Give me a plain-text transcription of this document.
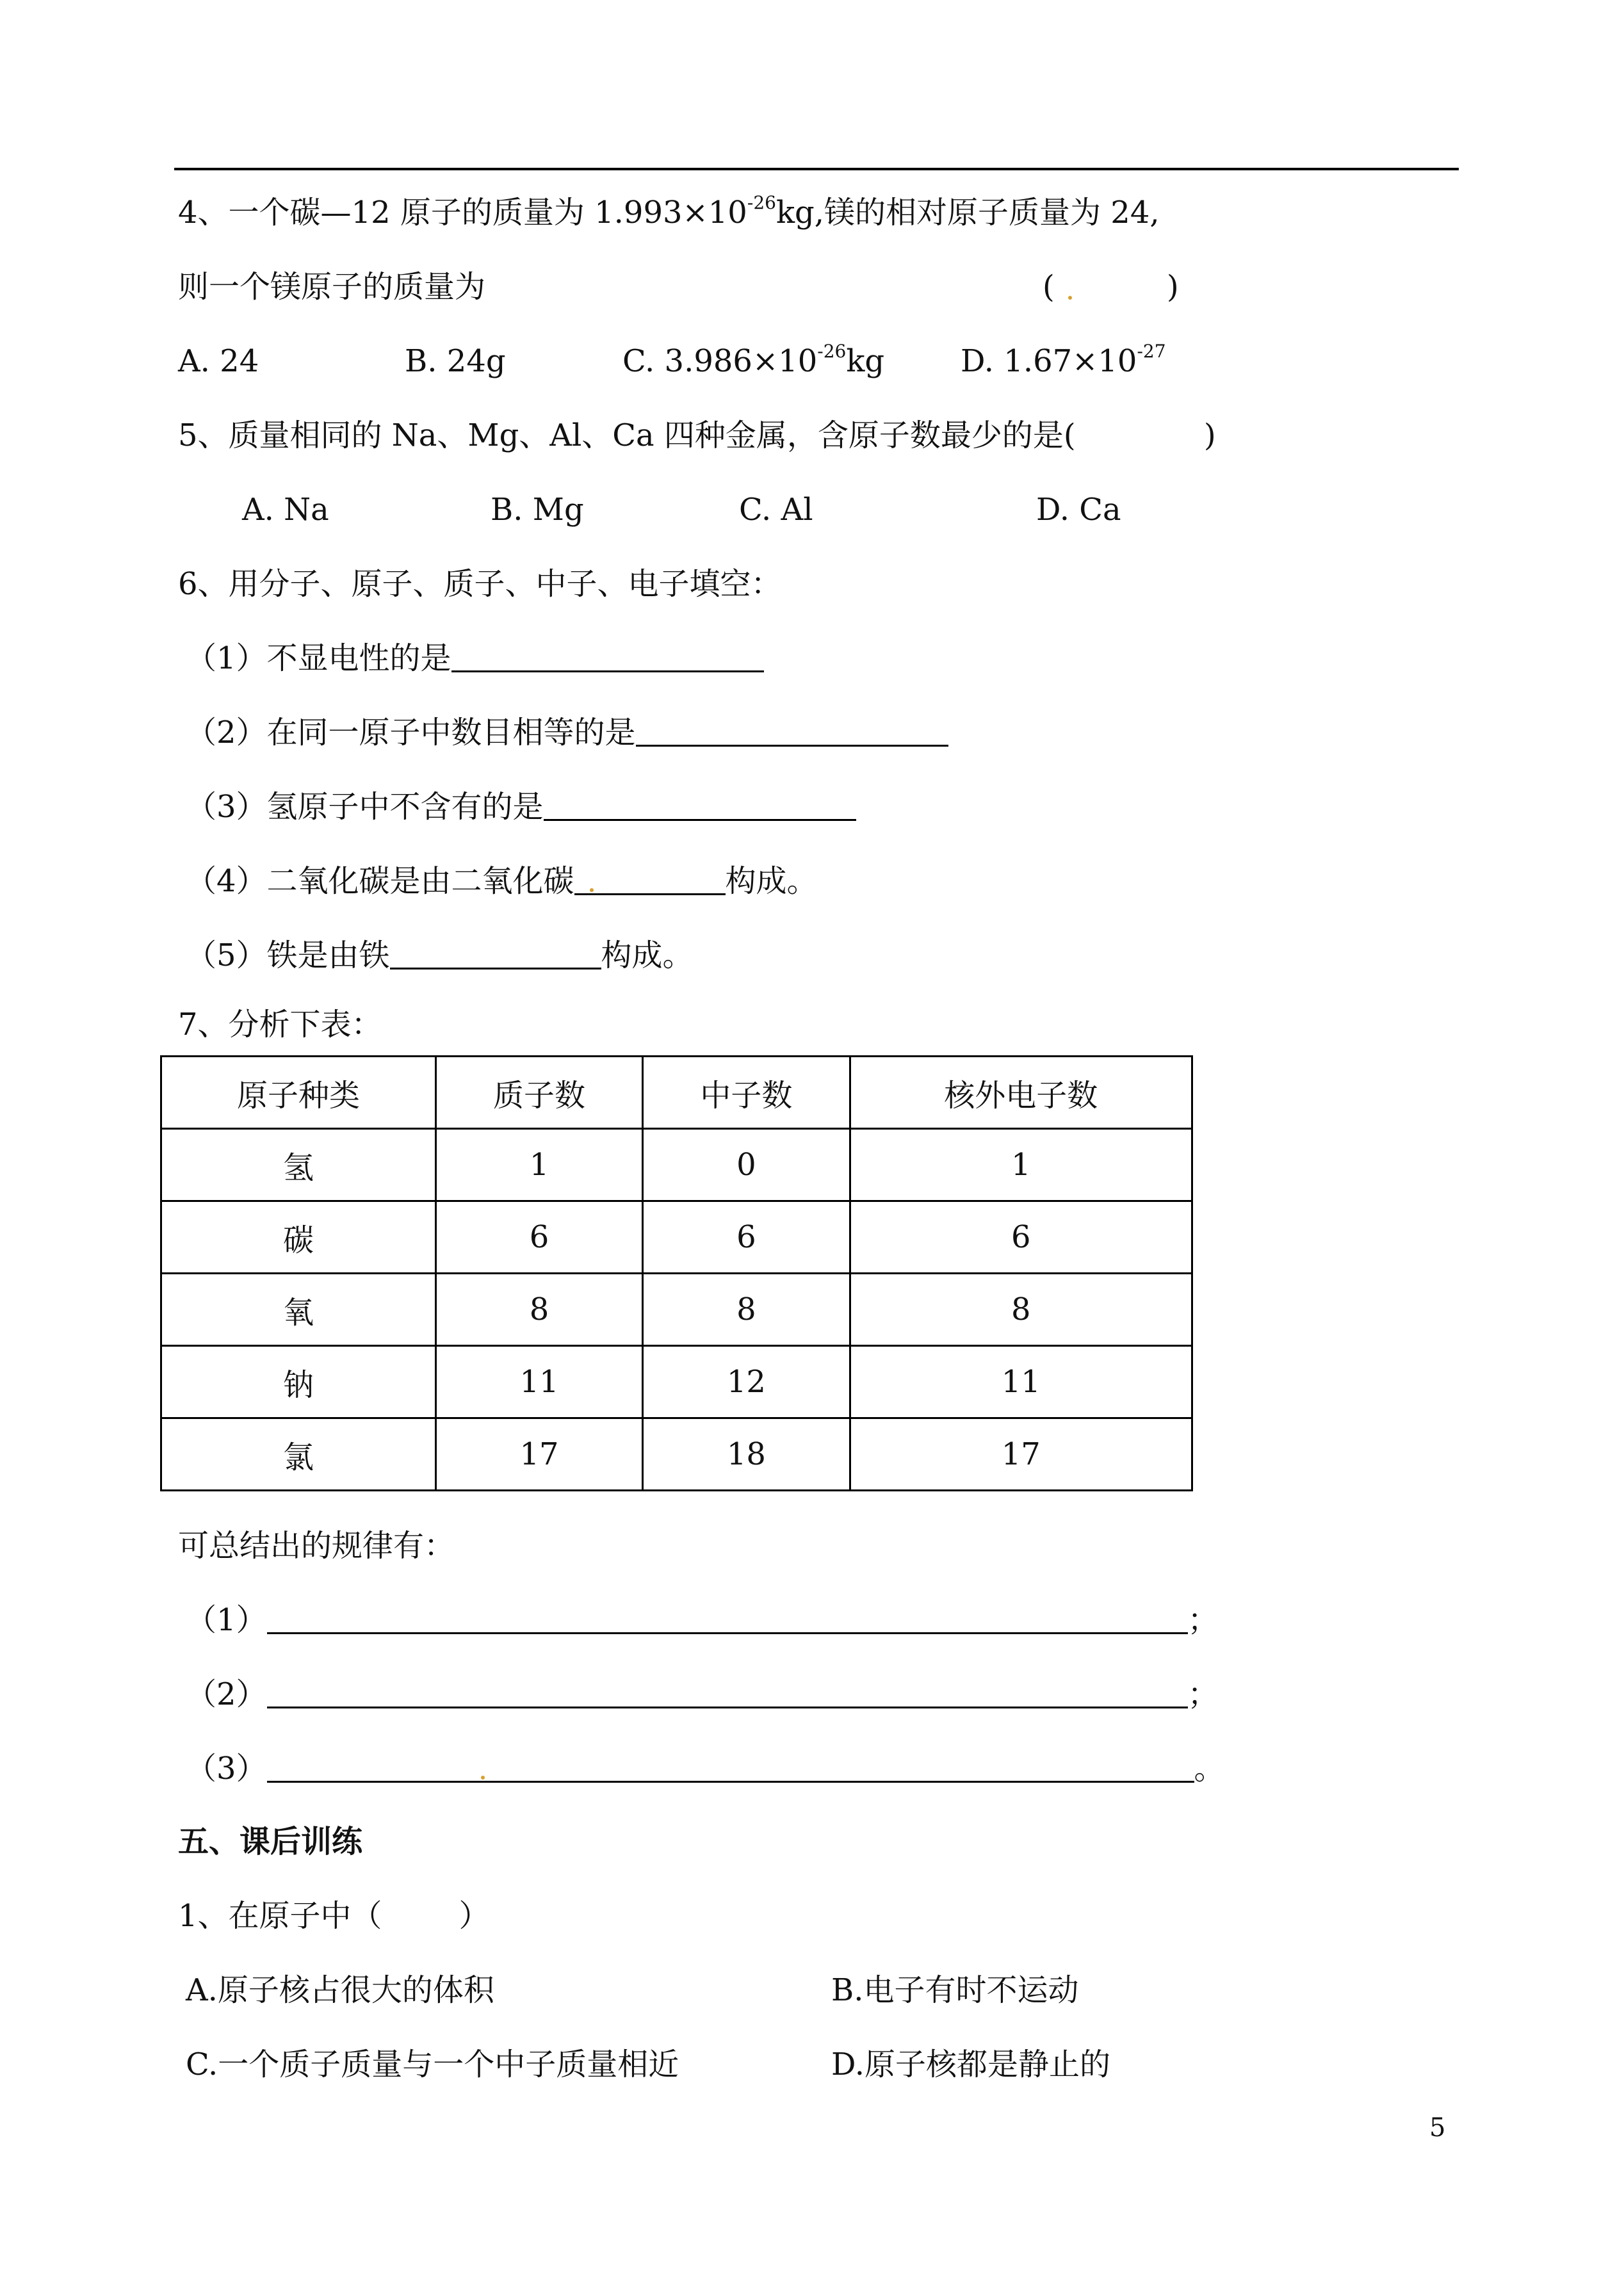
4、一个碳—12 原子的质量为 $1.993\times 10^{-26}kg$,镁的相对原子质量为 24,
则一个镁原子的质量为	(	)
A. 24	B. 24g	C. $3.986\times 10^{-26}kg$ D. $1.67\times 10^{-27}$
5、质量相同的 Na、Mg、Al、Ca 四种金属，含原子数最少的是(	)
A. Na	B. Mg	C. Al	D. Ca
6、用分子、原子、质子、中子、电子填空：
（1）不显电性的是
（2）在同一原子中数目相等的是
（3）氢原子中不含有的是
（4）二氧化碳是由二氧化碳	构成。
（5）铁是由铁	构成。
7、分析下表：
原子种类	质子数	中子数	核外电子数
氢	1	0	1
碳	6	6	6
氧	8	8	8
钠	11	12	11
氯	17	18	17
可总结出的规律有：
（1）	；
（2）	；
（3）	。
五、课后训练
1、在原子中（	）
A.原子核占很大的体积	B.电子有时不运动
C.一个质子质量与一个中子质量相近	D.原子核都是静止的
5
